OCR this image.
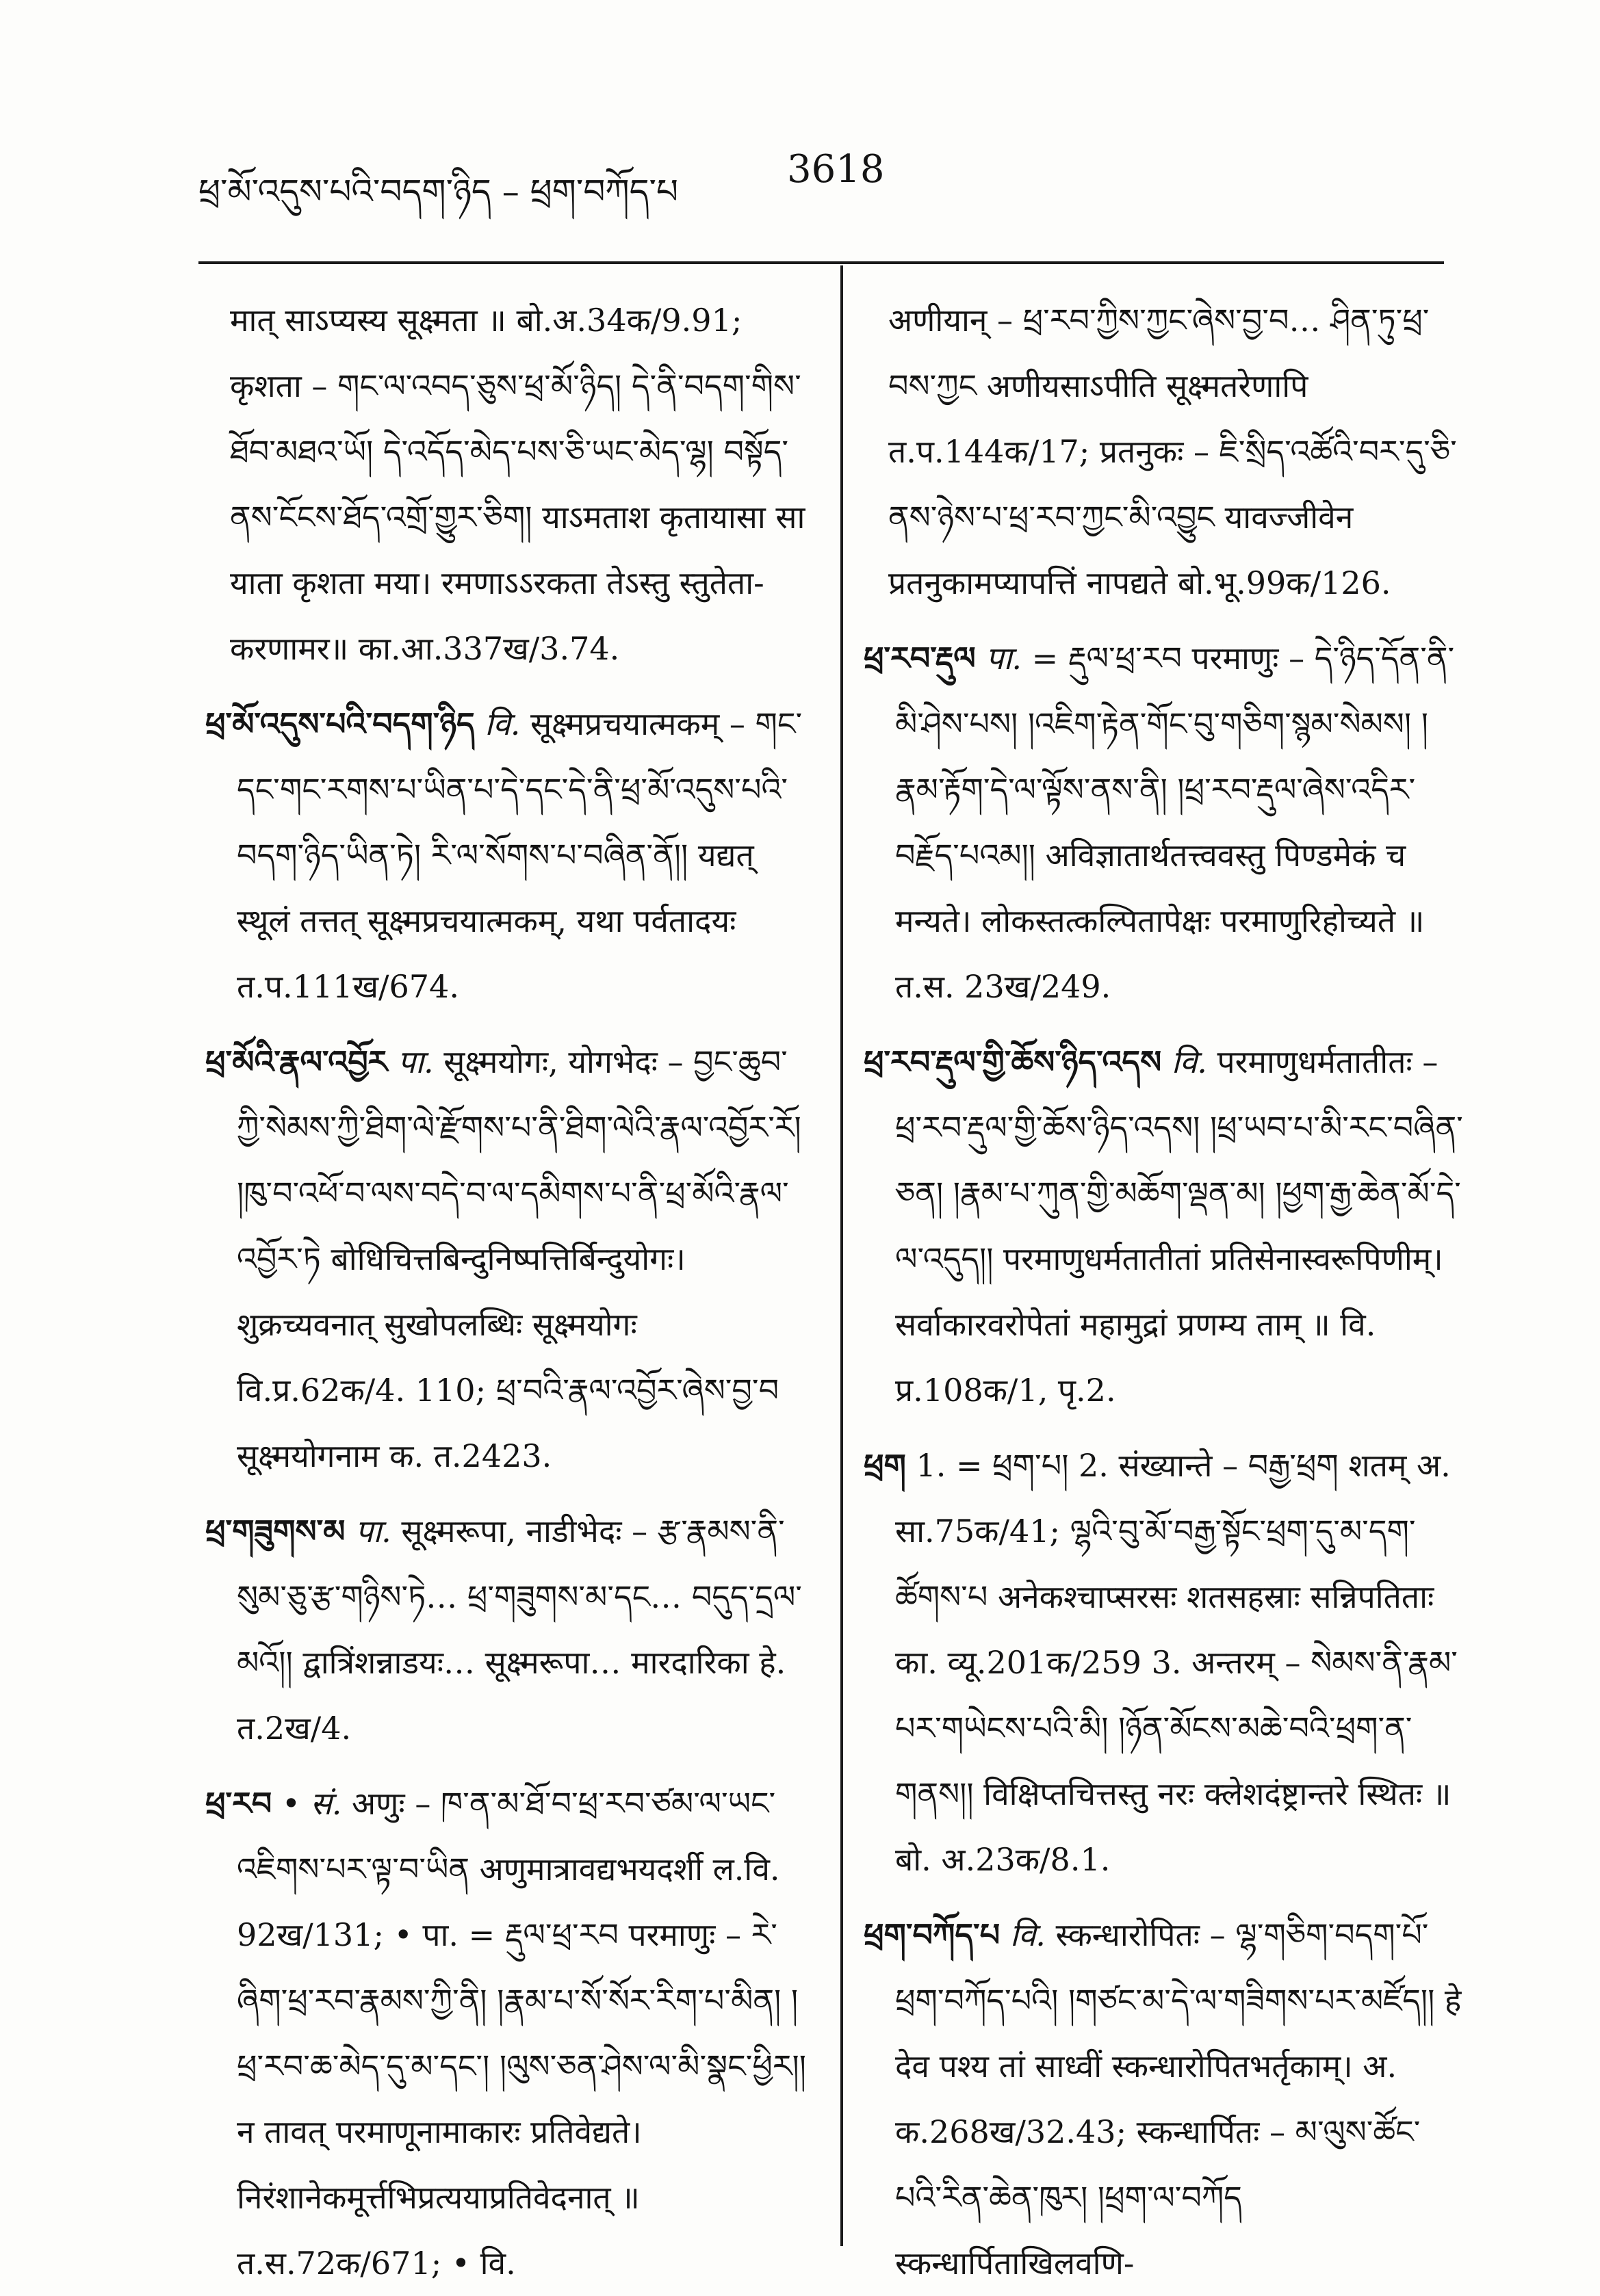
ཕྲ་མོ་འདུས་པའི་བདག་ཉིད – ཕྲག་བཀོད་པ	3618

मात् साऽप्यस्य सूक्ष्मता ॥ बो.अ.34क/9.91; कृशता – གང་ལ་འབད་ཅུས་ཕྲ་མོ་ཉིད། དེ་ནི་བདག་གིས་ཐོབ་མཐའ་ཡོ། དེ་འདོད་མེད་པས་ཅི་ཡང་མེད་ལྷ། བསྟོད་ནས་ངོངས་ཐོད་འགྲོ་གྱུར་ཅིག། याऽमताश कृतायासा सा याता कृशता मया। रमणाऽऽरकता तेऽस्तु स्तुतेता-करणामर॥ का.आ.337ख/3.74.

ཕྲ་མོ་འདུས་པའི་བདག་ཉིད वि. सूक्ष्मप्रचयात्मकम् – གང་དང་གང་རགས་པ་ཡིན་པ་དེ་དང་དེ་ནི་ཕྲ་མོ་འདུས་པའི་བདག་ཉིད་ཡིན་ཏེ། རི་ལ་སོགས་པ་བཞིན་ནོ།། यद्यत् स्थूलं तत्तत् सूक्ष्मप्रचयात्मकम्, यथा पर्वतादयः त.प.111ख/674.

ཕྲ་མོའི་རྣལ་འབྱོར पा. सूक्ष्मयोगः, योगभेदः – བྱང་ཆུབ་ཀྱི་སེམས་ཀྱི་ཐིག་ལེ་རྫོགས་པ་ནི་ཐིག་ལེའི་རྣལ་འབྱོར་རོ། །ཁུ་བ་འཕོ་བ་ལས་བདེ་བ་ལ་དམིགས་པ་ནི་ཕྲ་མོའི་རྣལ་འབྱོར་ཏེ बोधिचित्तबिन्दुनिष्पत्तिर्बिन्दुयोगः। शुक्रच्यवनात् सुखोपलब्धिः सूक्ष्मयोगः वि.प्र.62क/4. 110; ཕྲ་བའི་རྣལ་འབྱོར་ཞེས་བྱ་བ सूक्ष्मयोगनाम क. त.2423.

ཕྲ་གཟུགས་མ पा. सूक्ष्मरूपा, नाडीभेदः – རྩ་རྣམས་ནི་སུམ་ཅུ་རྩ་གཉིས་ཏེ… ཕྲ་གཟུགས་མ་དང… བདུད་དྲལ་མའོ།། द्वात्रिंशन्नाडयः… सूक्ष्मरूपा… मारदारिका हे. त.2ख/4.

ཕྲ་རབ • सं. अणुः – ཁ་ན་མ་ཐོ་བ་ཕྲ་རབ་ཙམ་ལ་ཡང་འཇིགས་པར་ལྟ་བ་ཡིན अणुमात्रावद्यभयदर्शी ल.वि. 92ख/131; • पा. = རྡུལ་ཕྲ་རབ परमाणुः – རེ་ཞིག་ཕྲ་རབ་རྣམས་ཀྱི་ནི། །རྣམ་པ་སོ་སོར་རིག་པ་མིན། །ཕྲ་རབ་ཆ་མེད་དུ་མ་དང་། །ལུས་ཅན་ཤེས་ལ་མི་སྣང་ཕྱིར།། न तावत् परमाणूनामाकारः प्रतिवेद्यते। निरंशानेकमूर्त्तभिप्रत्ययाप्रतिवेदनात् ॥ त.स.72क/671; • वि.

अणीयान् – ཕྲ་རབ་ཀྱིས་ཀྱང་ཞེས་བྱ་བ… ཤིན་ཏུ་ཕྲ་བས་ཀྱང अणीयसाऽपीति सूक्ष्मतरेणापि त.प.144क/17; प्रतनुकः – ཇི་སྲིད་འཚོའི་བར་དུ་ཅི་ནས་ཉེས་པ་ཕྲ་རབ་ཀྱང་མི་འབྱུང यावज्जीवेन प्रतनुकामप्यापत्तिं नापद्यते बो.भू.99क/126.

ཕྲ་རབ་རྡུལ पा. = རྡུལ་ཕྲ་རབ परमाणुः – དེ་ཉིད་དོན་ནི་མི་ཤེས་པས། །འཇིག་རྟེན་གོང་བུ་གཅིག་སྙམ་སེམས། །རྣམ་རྟོག་དེ་ལ་ལྟོས་ནས་ནི། །ཕྲ་རབ་རྡུལ་ཞེས་འདིར་བརྗོད་པའམ།། अविज्ञातार्थतत्त्ववस्तु पिण्डमेकं च मन्यते। लोकस्तत्कल्पितापेक्षः परमाणुरिहोच्यते ॥ त.स. 23ख/249.

ཕྲ་རབ་རྡུལ་གྱི་ཆོས་ཉིད་འདས वि. परमाणुधर्मतातीतः – ཕྲ་རབ་རྡུལ་གྱི་ཆོས་ཉིད་འདས། །ཕྲ་ཡབ་པ་མི་རང་བཞིན་ཅན། །རྣམ་པ་ཀུན་གྱི་མཆོག་ལྡན་མ། །ཕྱག་རྒྱ་ཆེན་མོ་དེ་ལ་འདུད།། परमाणुधर्मतातीतां प्रतिसेनास्वरूपिणीम्। सर्वाकारवरोपेतां महामुद्रां प्रणम्य ताम् ॥ वि. प्र.108क/1, पृ.2.

ཕྲག 1. = ཕྲག་པ། 2. संख्यान्ते – བརྒྱ་ཕྲག शतम् अ. सा.75क/41; ལྷའི་བུ་མོ་བརྒྱ་སྟོང་ཕྲག་དུ་མ་དག་ཚོགས་པ अनेकश्चाप्सरसः शतसहस्राः सन्निपतिताः का. व्यू.201क/259 3. अन्तरम् – སེམས་ནི་རྣམ་པར་གཡེངས་པའི་མི། །ཉོན་མོངས་མཆེ་བའི་ཕྲག་ན་གནས།། विक्षिप्तचित्तस्तु नरः क्लेशदंष्ट्रान्तरे स्थितः ॥ बो. अ.23क/8.1.

ཕྲག་བཀོད་པ वि. स्कन्धारोपितः – ལྷ་གཅིག་བདག་པོ་ཕྲག་བཀོད་པའི། །གཙང་མ་དེ་ལ་གཟིགས་པར་མཛོད།། हे देव पश्य तां साध्वीं स्कन्धारोपितभर्तृकाम्। अ. क.268ख/32.43; स्कन्धार्पितः – མ་ལུས་ཚོང་པའི་རིན་ཆེན་ཁུར། །ཕྲག་ལ་བཀོད स्कन्धार्पिताखिलवणि-
